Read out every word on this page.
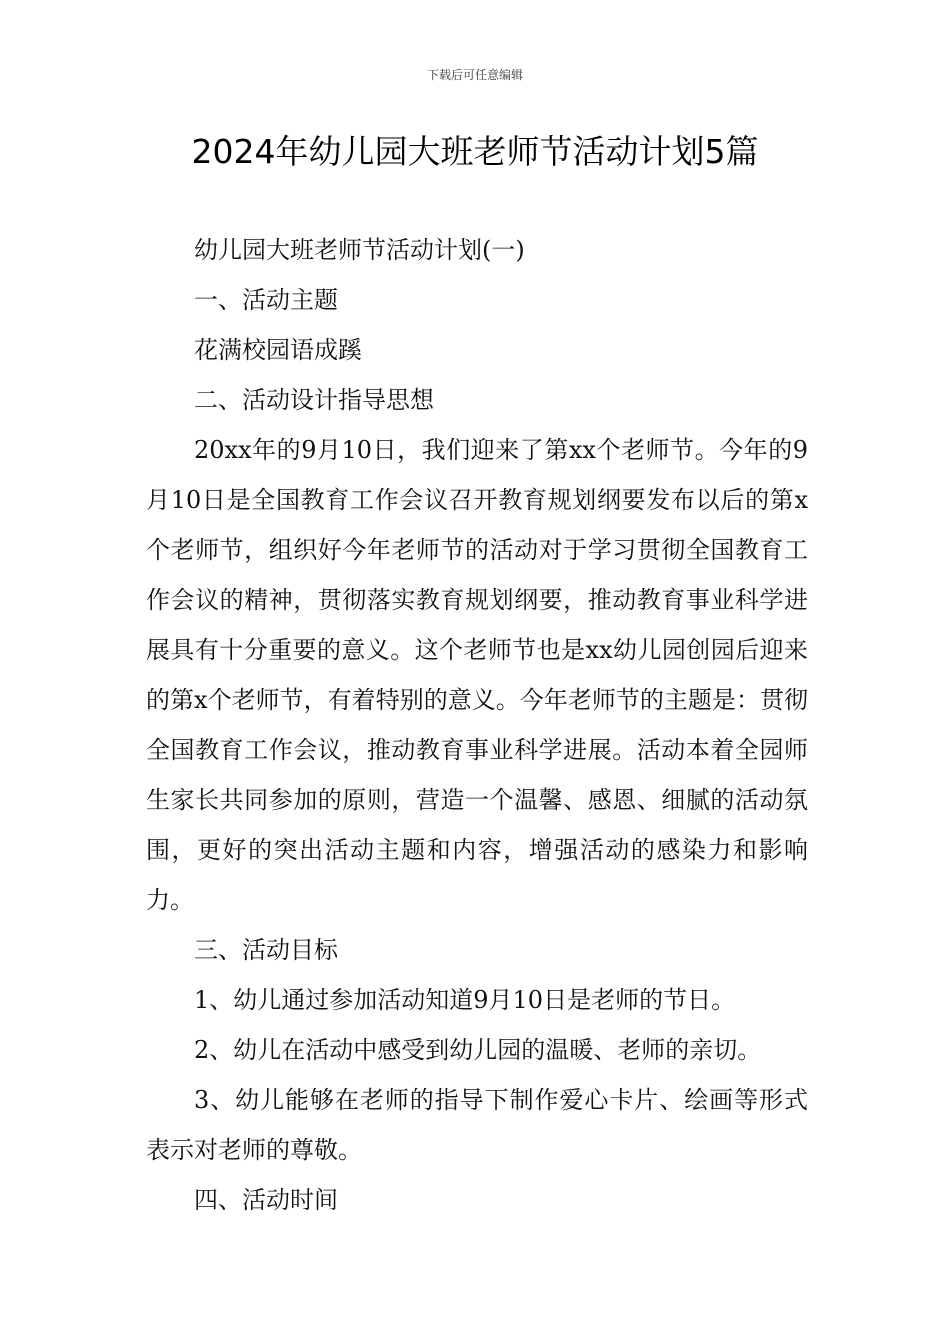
下载后可任意编辑
2024年幼儿园大班老师节活动计划5篇

幼儿园大班老师节活动计划(一)

一、活动主题

花满校园语成蹊

二、活动设计指导思想

20xx年的9月10日，我们迎来了第xx个老师节。今年的9月10日是全国教育工作会议召开教育规划纲要发布以后的第x个老师节，组织好今年老师节的活动对于学习贯彻全国教育工作会议的精神，贯彻落实教育规划纲要，推动教育事业科学进展具有十分重要的意义。这个老师节也是xx幼儿园创园后迎来的第x个老师节，有着特别的意义。今年老师节的主题是：贯彻全国教育工作会议，推动教育事业科学进展。活动本着全园师生家长共同参加的原则，营造一个温馨、感恩、细腻的活动氛围，更好的突出活动主题和内容，增强活动的感染力和影响力。

三、活动目标

1、幼儿通过参加活动知道9月10日是老师的节日。

2、幼儿在活动中感受到幼儿园的温暖、老师的亲切。

3、幼儿能够在老师的指导下制作爱心卡片、绘画等形式表示对老师的尊敬。

四、活动时间
